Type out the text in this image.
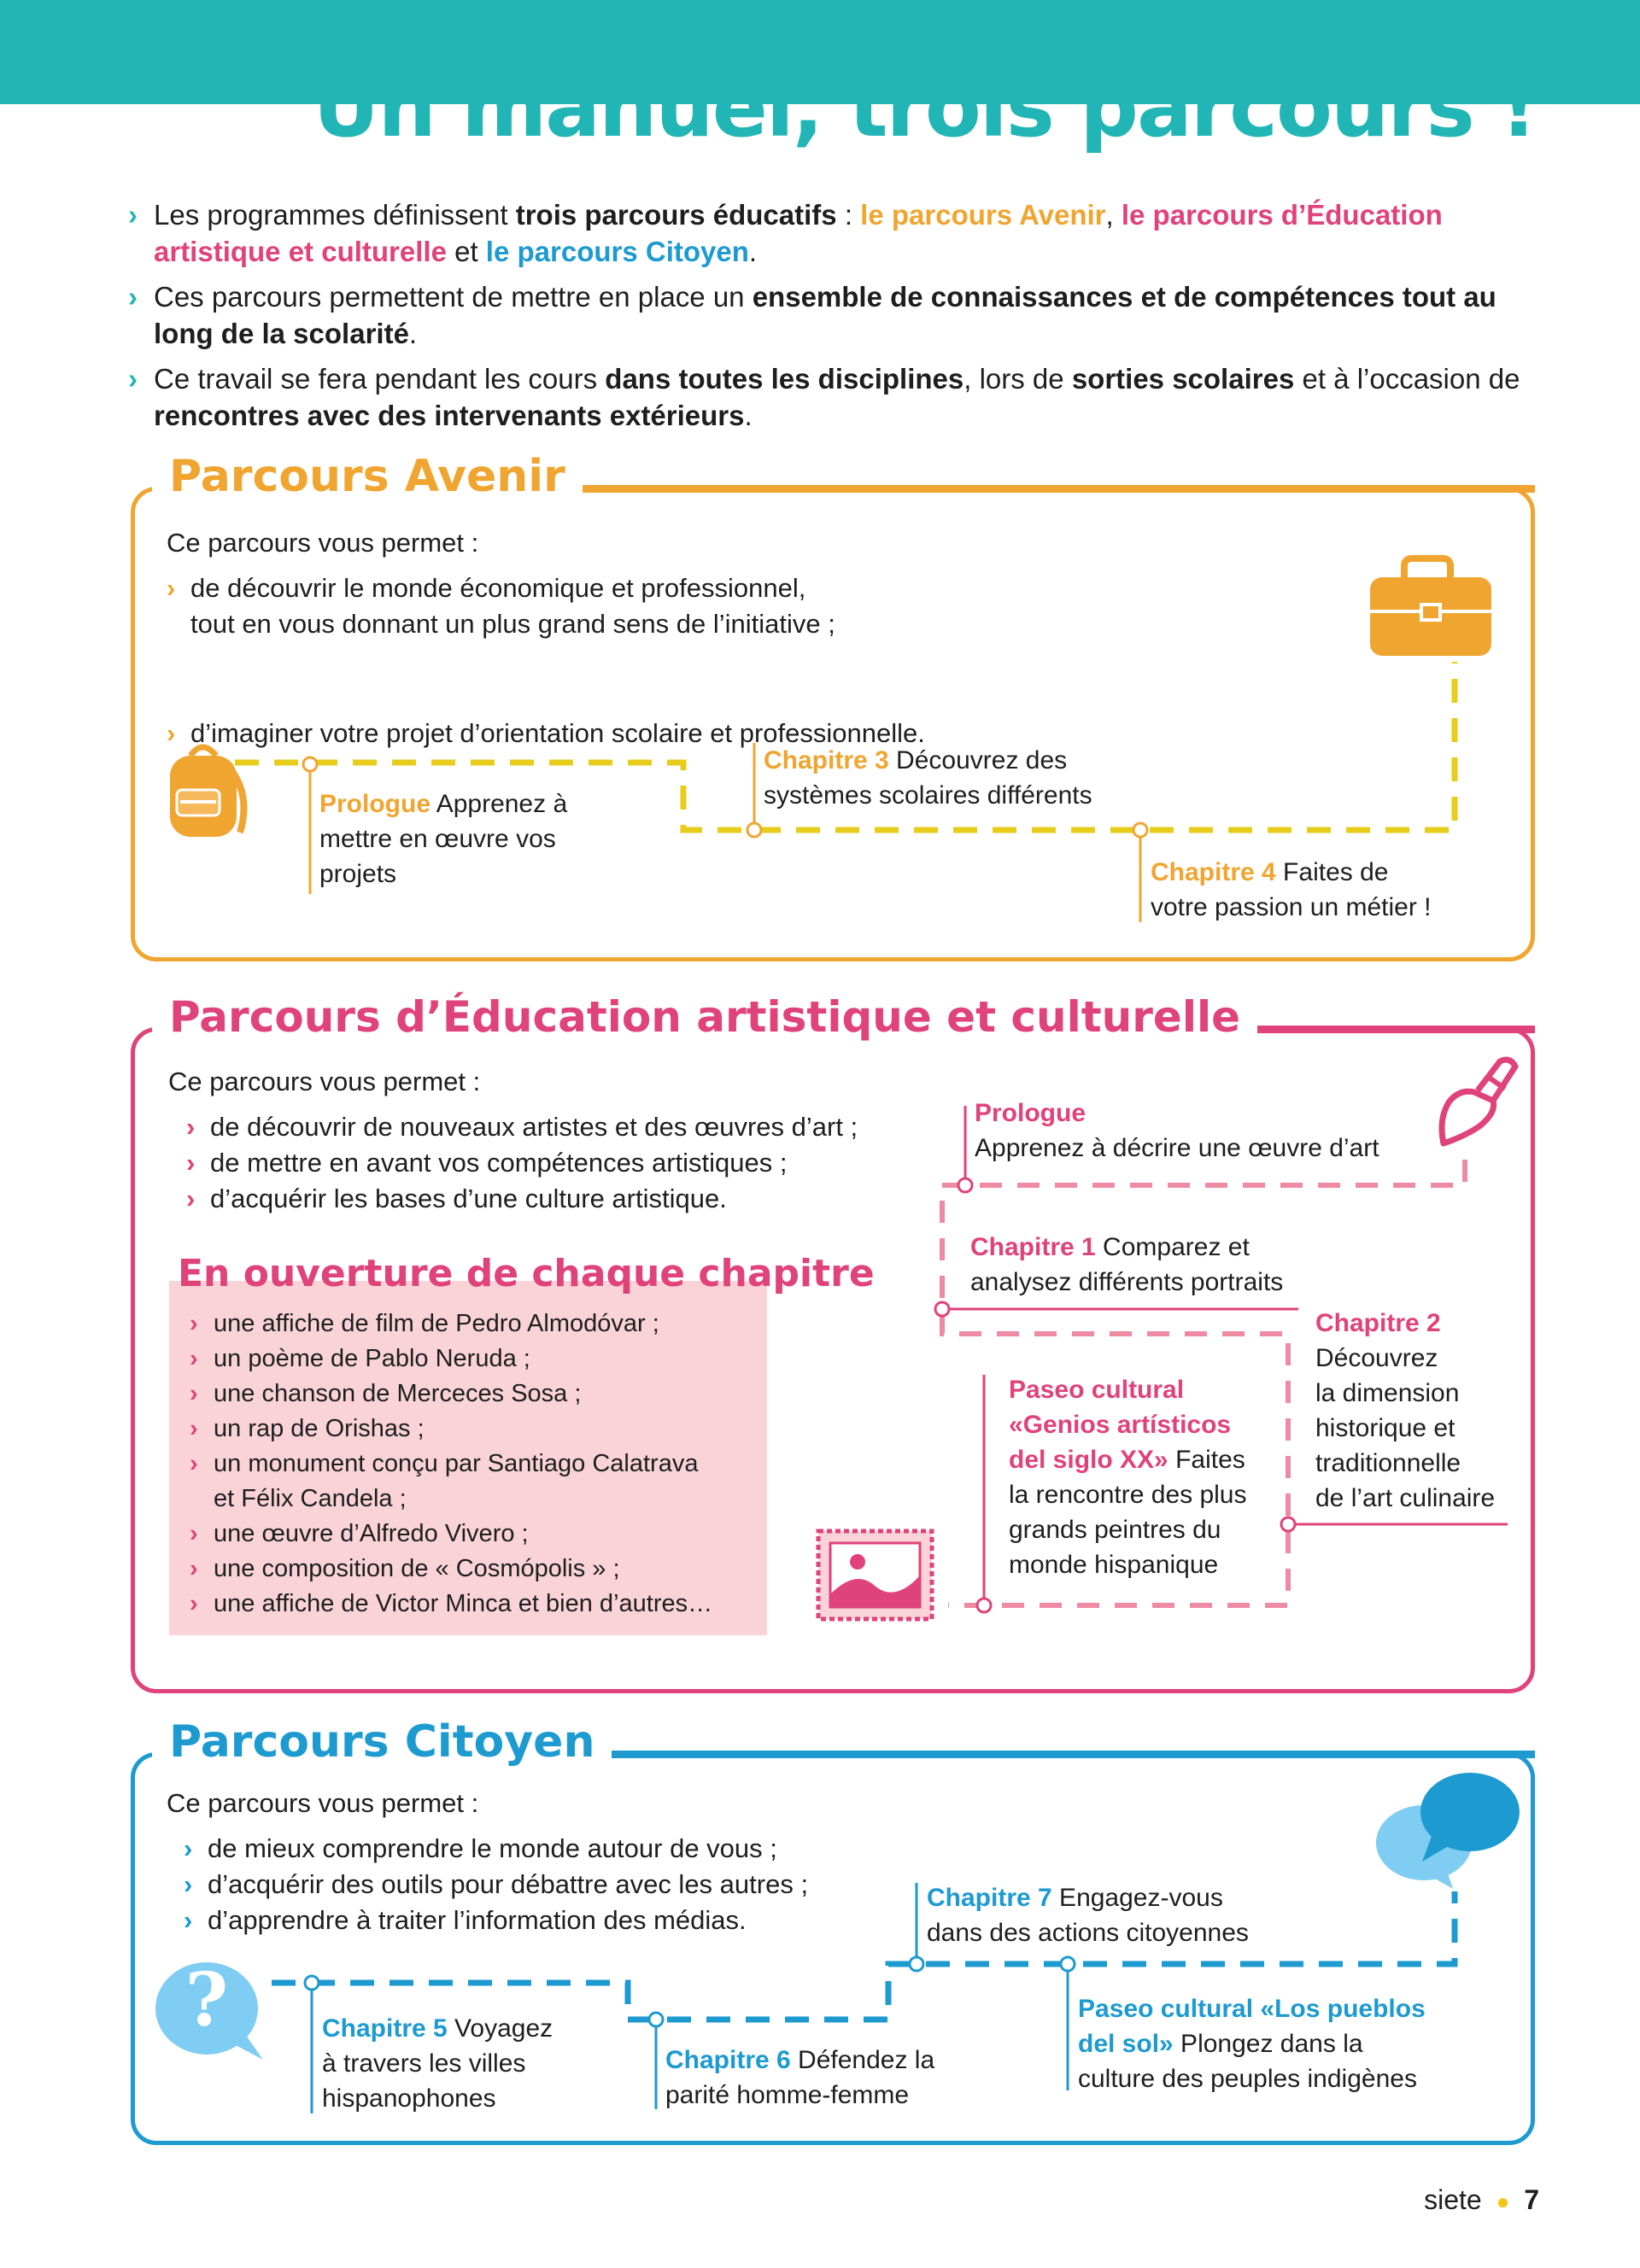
Un manuel, trois parcours !

› Les programmes définissent trois parcours éducatifs : le parcours Avenir, le parcours d’Éducation artistique et culturelle et le parcours Citoyen.

› Ces parcours permettent de mettre en place un ensemble de connaissances et de compétences tout au long de la scolarité.

› Ce travail se fera pendant les cours dans toutes les disciplines, lors de sorties scolaires et à l’occasion de rencontres avec des intervenants extérieurs.

Parcours Avenir
Ce parcours vous permet :
› de découvrir le monde économique et professionnel,
tout en vous donnant un plus grand sens de l’initiative ;
› d’imaginer votre projet d’orientation scolaire et professionnelle.
Prologue Apprenez à
mettre en œuvre vos
projets
Chapitre 3 Découvrez des
systèmes scolaires différents
Chapitre 4 Faites de
votre passion un métier !
Parcours d’Éducation artistique et culturelle
Ce parcours vous permet :
› de découvrir de nouveaux artistes et des œuvres d’art ;
› de mettre en avant vos compétences artistiques ;
› d’acquérir les bases d’une culture artistique.
En ouverture de chaque chapitre
› une affiche de film de Pedro Almodóvar ;
› un poème de Pablo Neruda ;
› une chanson de Merceces Sosa ;
› un rap de Orishas ;
› un monument conçu par Santiago Calatrava
et Félix Candela ;
› une œuvre d’Alfredo Vivero ;
› une composition de « Cosmópolis » ;
› une affiche de Victor Minca et bien d’autres…
Prologue
Apprenez à décrire une œuvre d’art
Chapitre 1 Comparez et
analysez différents portraits
Chapitre 2
Découvrez
la dimension
historique et
traditionnelle
de l’art culinaire
Paseo cultural
«Genios artísticos
del siglo XX» Faites
la rencontre des plus
grands peintres du
monde hispanique
Parcours Citoyen
Ce parcours vous permet :
› de mieux comprendre le monde autour de vous ;
› d’acquérir des outils pour débattre avec les autres ;
› d’apprendre à traiter l’information des médias.
?	Chapitre 5 Voyagez
à travers les villes
hispanophones
Chapitre 6 Défendez la
parité homme-femme
Chapitre 7 Engagez-vous
dans des actions citoyennes
Paseo cultural «Los pueblos
del sol» Plongez dans la
culture des peuples indigènes
siete ● 7
